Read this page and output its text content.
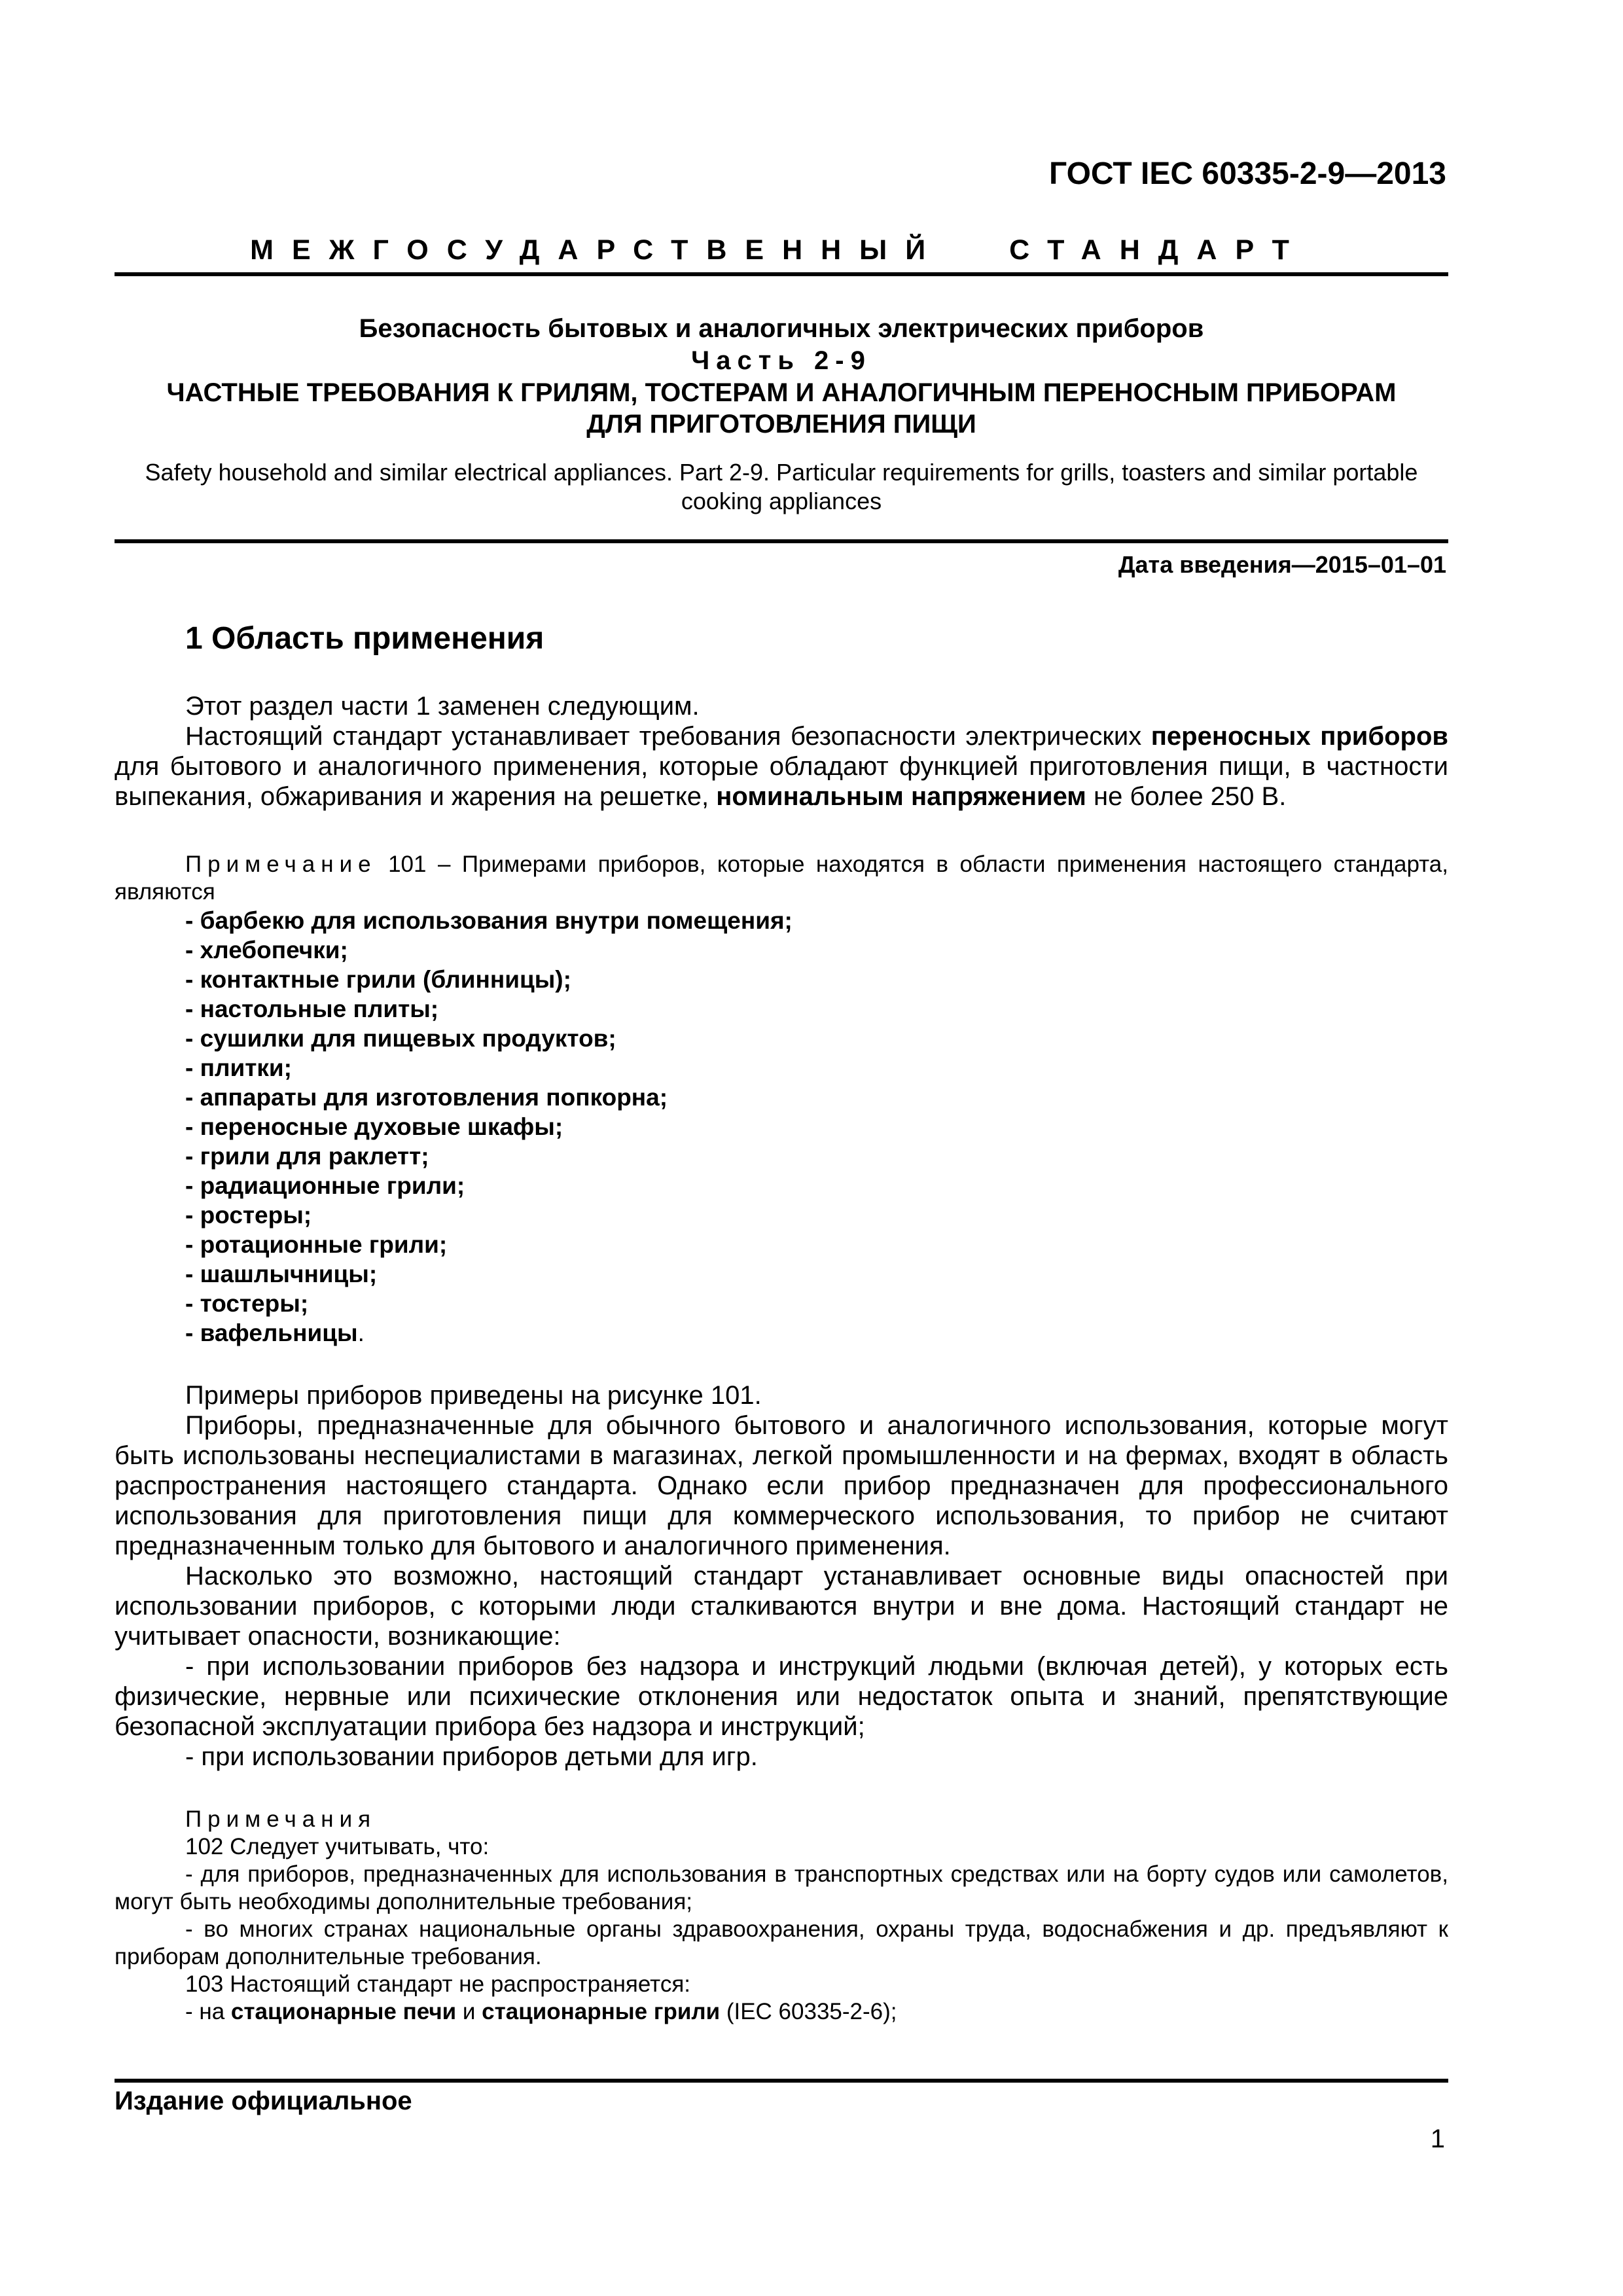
ГОСТ IEC 60335-2-9—2013
МЕЖГОСУДАРСТВЕННЫЙ СТАНДАРТ
Безопасность бытовых и аналогичных электрических приборов
Часть 2-9
ЧАСТНЫЕ ТРЕБОВАНИЯ К ГРИЛЯМ, ТОСТЕРАМ И АНАЛОГИЧНЫМ ПЕРЕНОСНЫМ ПРИБОРАМ
ДЛЯ ПРИГОТОВЛЕНИЯ ПИЩИ
Safety household and similar electrical appliances. Part 2-9. Particular requirements for grills, toasters and similar portable cooking appliances
Дата введения—2015–01–01
1 Область применения

Этот раздел части 1 заменен следующим.

Настоящий стандарт устанавливает требования безопасности электрических переносных приборов для бытового и аналогичного применения, которые обладают функцией приготовления пищи, в частности выпекания, обжаривания и жарения на решетке, номинальным напряжением не более 250 В.

Примечание 101 – Примерами приборов, которые находятся в области применения настоящего стандарта, являются

- барбекю для использования внутри помещения;

- хлебопечки;

- контактные грили (блинницы);

- настольные плиты;

- сушилки для пищевых продуктов;

- плитки;

- аппараты для изготовления попкорна;

- переносные духовые шкафы;

- грили для раклетт;

- радиационные грили;

- ростеры;

- ротационные грили;

- шашлычницы;

- тостеры;

- вафельницы.

Примеры приборов приведены на рисунке 101.

Приборы, предназначенные для обычного бытового и аналогичного использования, которые могут быть использованы неспециалистами в магазинах, легкой промышленности и на фермах, входят в область распространения настоящего стандарта. Однако если прибор предназначен для профессионального использования для приготовления пищи для коммерческого использования, то прибор не считают предназначенным только для бытового и аналогичного применения.

Насколько это возможно, настоящий стандарт устанавливает основные виды опасностей при использовании приборов, с которыми люди сталкиваются внутри и вне дома. Настоящий стандарт не учитывает опасности, возникающие:

- при использовании приборов без надзора и инструкций людьми (включая детей), у которых есть физические, нервные или психические отклонения или недостаток опыта и знаний, препятствующие безопасной эксплуатации прибора без надзора и инструкций;

- при использовании приборов детьми для игр.

Примечания

102 Следует учитывать, что:

- для приборов, предназначенных для использования в транспортных средствах или на борту судов или самолетов, могут быть необходимы дополнительные требования;

- во многих странах национальные органы здравоохранения, охраны труда, водоснабжения и др. предъявляют к приборам дополнительные требования.

103 Настоящий стандарт не распространяется:

- на стационарные печи и стационарные грили (IEC 60335-2-6);

Издание официальное
1
